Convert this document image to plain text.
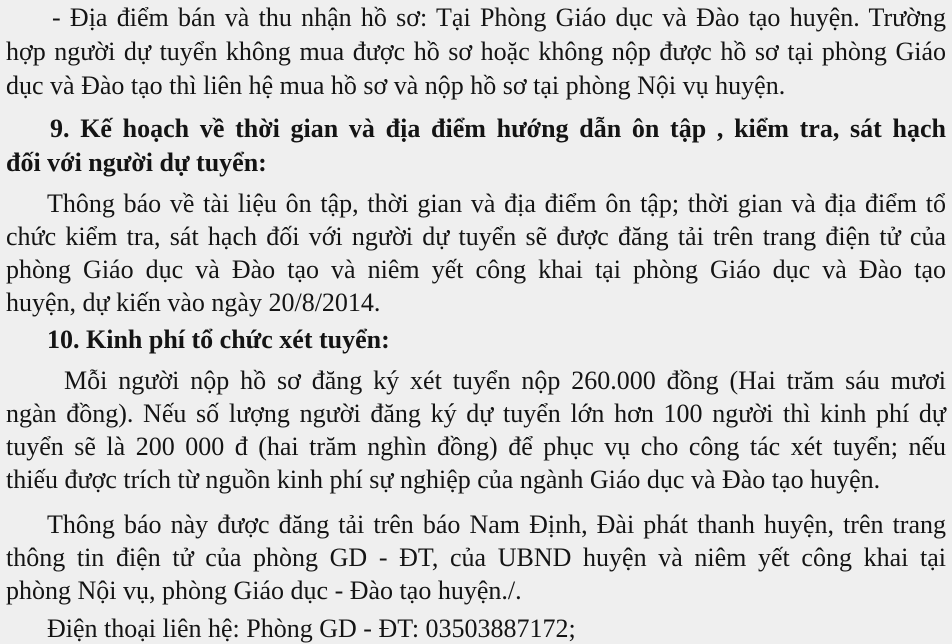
- Địa điểm bán và thu nhận hồ sơ: Tại Phòng Giáo dục và Đào tạo huyện. Trường
hợp người dự tuyển không mua được hồ sơ hoặc không nộp được hồ sơ tại phòng Giáo
dục và Đào tạo thì liên hệ mua hồ sơ và nộp hồ sơ tại phòng Nội vụ huyện.
9. Kế hoạch về thời gian và địa điểm hướng dẫn ôn tập , kiểm tra, sát hạch
đối với người dự tuyển:
Thông báo về tài liệu ôn tập, thời gian và địa điểm ôn tập; thời gian và địa điểm tổ
chức kiểm tra, sát hạch đối với người dự tuyển sẽ được đăng tải trên trang điện tử của
phòng Giáo dục và Đào tạo và niêm yết công khai tại phòng Giáo dục và Đào tạo
huyện, dự kiến vào ngày 20/8/2014.
10. Kinh phí tổ chức xét tuyển:
Mỗi người nộp hồ sơ đăng ký xét tuyển nộp 260.000 đồng (Hai trăm sáu mươi
ngàn đồng). Nếu số lượng người đăng ký dự tuyển lớn hơn 100 người thì kinh phí dự
tuyển sẽ là 200 000 đ (hai trăm nghìn đồng) để phục vụ cho công tác xét tuyển; nếu
thiếu được trích từ nguồn kinh phí sự nghiệp của ngành Giáo dục và Đào tạo huyện.
Thông báo này được đăng tải trên báo Nam Định, Đài phát thanh huyện, trên trang
thông tin điện tử của phòng GD - ĐT, của UBND huyện và niêm yết công khai tại
phòng Nội vụ, phòng Giáo dục - Đào tạo huyện./.
Điện thoại liên hệ: Phòng GD - ĐT: 03503887172;
